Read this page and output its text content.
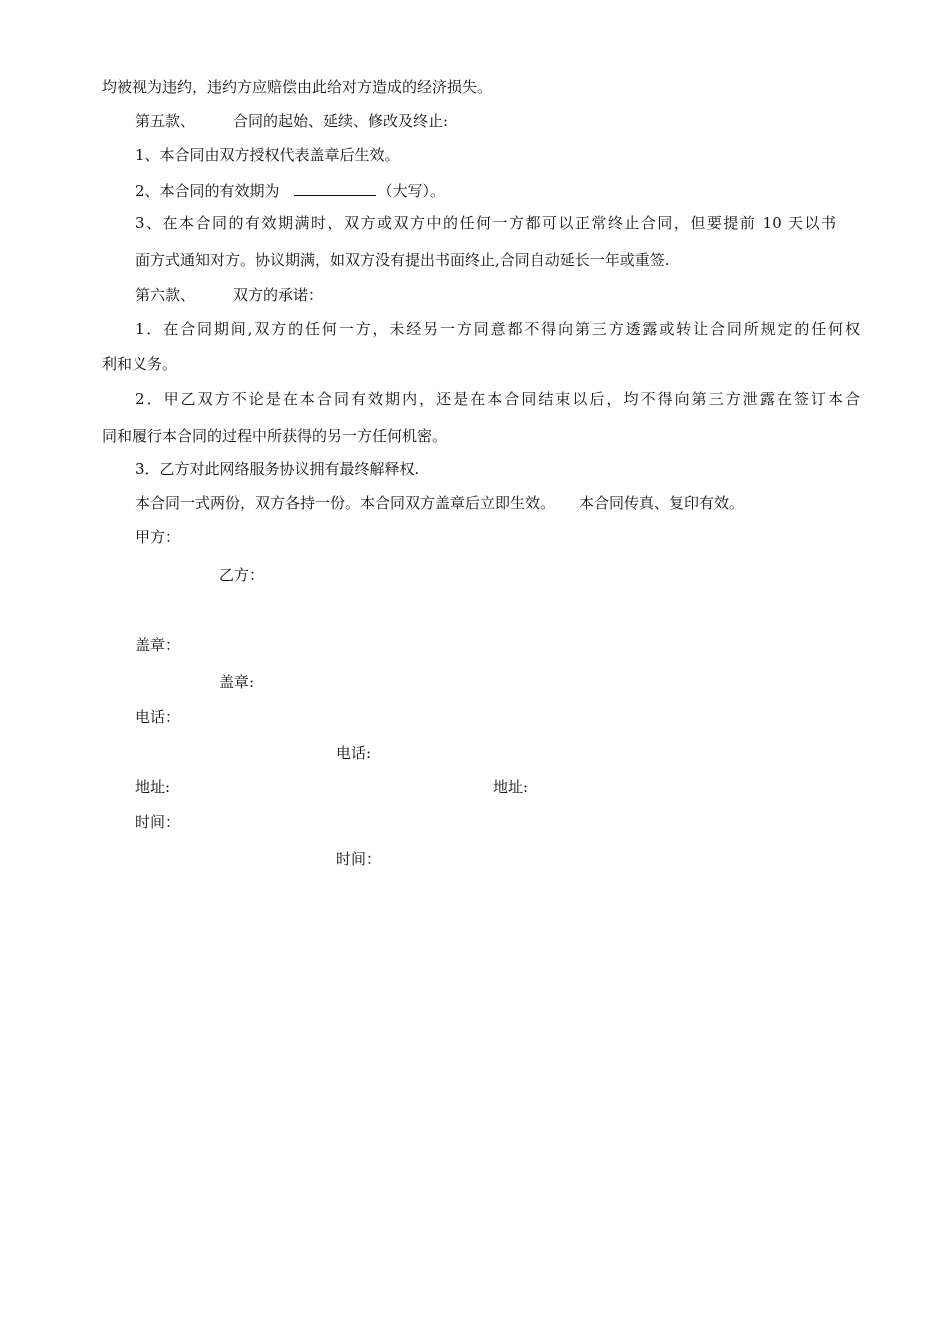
均被视为违约，违约方应赔偿由此给对方造成的经济损失。
第五款、	合同的起始、延续、修改及终止:
1、本合同由双方授权代表盖章后生效。
2、本合同的有效期为	（大写）。
3、在本合同的有效期满时，双方或双方中的任何一方都可以正常终止合同，但要提前 10 天以书
面方式通知对方。协议期满，如双方没有提出书面终止,合同自动延长一年或重签.
第六款、	双方的承诺：
1．在合同期间,双方的任何一方，未经另一方同意都不得向第三方透露或转让合同所规定的任何权
利和义务。
2．甲乙双方不论是在本合同有效期内，还是在本合同结束以后，均不得向第三方泄露在签订本合
同和履行本合同的过程中所获得的另一方任何机密。
3．乙方对此网络服务协议拥有最终解释权.
本合同一式两份，双方各持一份。本合同双方盖章后立即生效。 本合同传真、复印有效。
甲方：
乙方：
盖章：
盖章:
电话：
电话:
地址:	地址:
时间：
时间：
